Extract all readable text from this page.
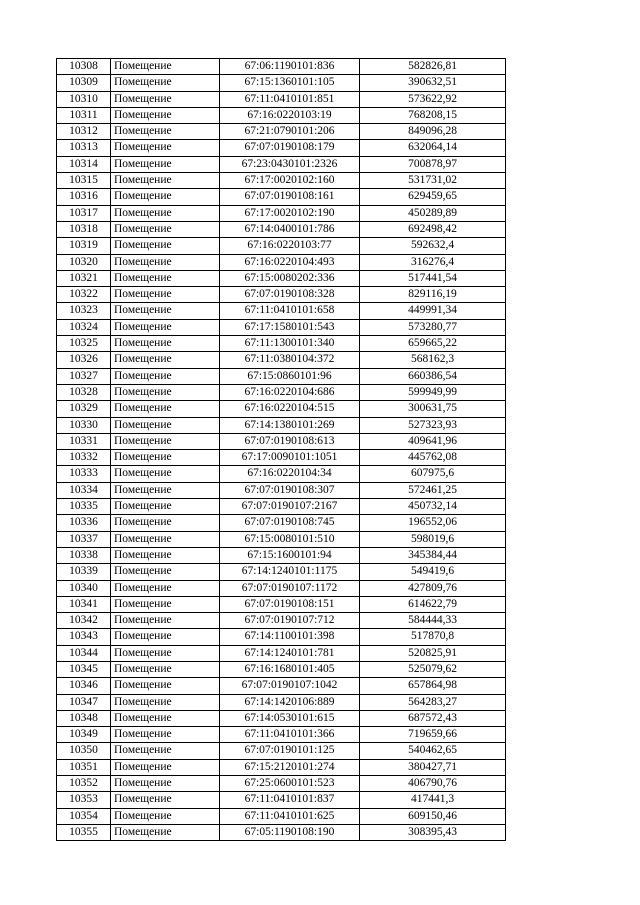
10308	Помещение	67:06:1190101:836	582826,81
10309	Помещение	67:15:1360101:105	390632,51
10310	Помещение	67:11:0410101:851	573622,92
10311	Помещение	67:16:0220103:19	768208,15
10312	Помещение	67:21:0790101:206	849096,28
10313	Помещение	67:07:0190108:179	632064,14
10314	Помещение	67:23:0430101:2326	700878,97
10315	Помещение	67:17:0020102:160	531731,02
10316	Помещение	67:07:0190108:161	629459,65
10317	Помещение	67:17:0020102:190	450289,89
10318	Помещение	67:14:0400101:786	692498,42
10319	Помещение	67:16:0220103:77	592632,4
10320	Помещение	67:16:0220104:493	316276,4
10321	Помещение	67:15:0080202:336	517441,54
10322	Помещение	67:07:0190108:328	829116,19
10323	Помещение	67:11:0410101:658	449991,34
10324	Помещение	67:17:1580101:543	573280,77
10325	Помещение	67:11:1300101:340	659665,22
10326	Помещение	67:11:0380104:372	568162,3
10327	Помещение	67:15:0860101:96	660386,54
10328	Помещение	67:16:0220104:686	599949,99
10329	Помещение	67:16:0220104:515	300631,75
10330	Помещение	67:14:1380101:269	527323,93
10331	Помещение	67:07:0190108:613	409641,96
10332	Помещение	67:17:0090101:1051	445762,08
10333	Помещение	67:16:0220104:34	607975,6
10334	Помещение	67:07:0190108:307	572461,25
10335	Помещение	67:07:0190107:2167	450732,14
10336	Помещение	67:07:0190108:745	196552,06
10337	Помещение	67:15:0080101:510	598019,6
10338	Помещение	67:15:1600101:94	345384,44
10339	Помещение	67:14:1240101:1175	549419,6
10340	Помещение	67:07:0190107:1172	427809,76
10341	Помещение	67:07:0190108:151	614622,79
10342	Помещение	67:07:0190107:712	584444,33
10343	Помещение	67:14:1100101:398	517870,8
10344	Помещение	67:14:1240101:781	520825,91
10345	Помещение	67:16:1680101:405	525079,62
10346	Помещение	67:07:0190107:1042	657864,98
10347	Помещение	67:14:1420106:889	564283,27
10348	Помещение	67:14:0530101:615	687572,43
10349	Помещение	67:11:0410101:366	719659,66
10350	Помещение	67:07:0190101:125	540462,65
10351	Помещение	67:15:2120101:274	380427,71
10352	Помещение	67:25:0600101:523	406790,76
10353	Помещение	67:11:0410101:837	417441,3
10354	Помещение	67:11:0410101:625	609150,46
10355	Помещение	67:05:1190108:190	308395,43
